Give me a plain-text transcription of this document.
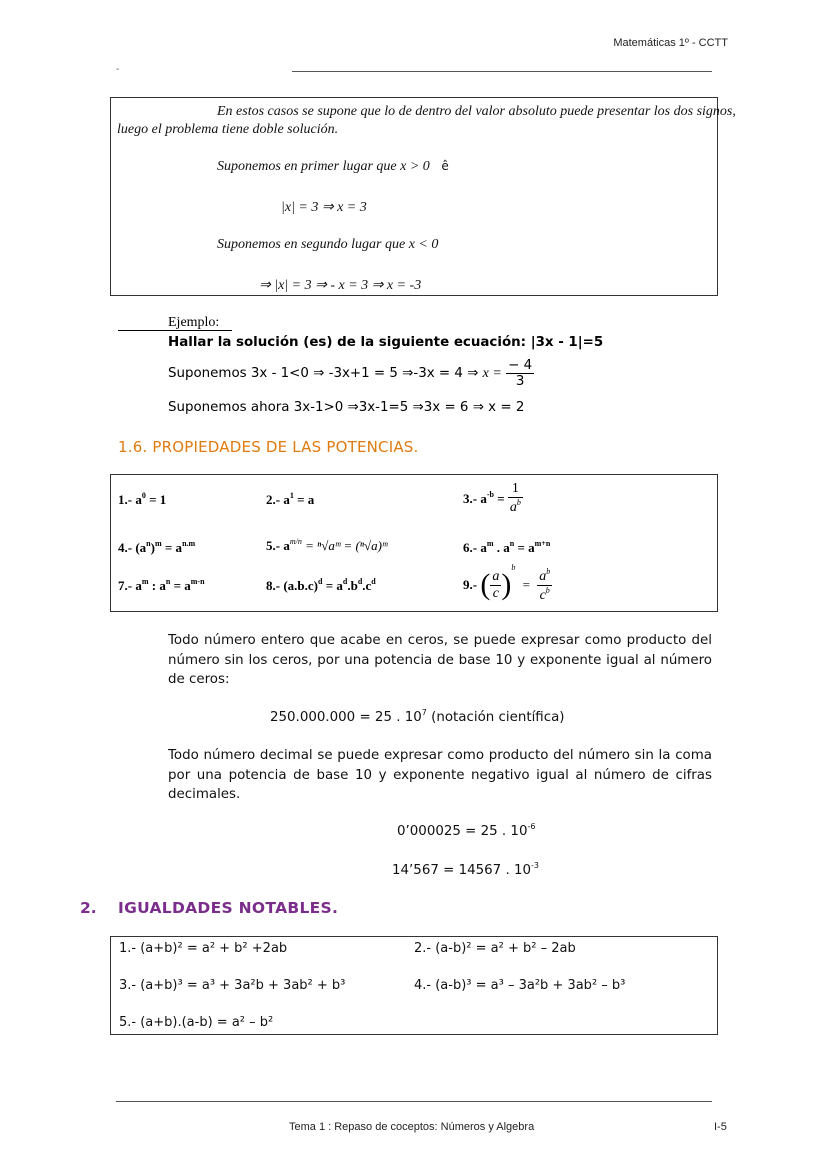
Matemáticas 1º - CCTT
-
En estos casos se supone que lo de dentro del valor absoluto puede presentar los dos signos,
luego el problema tiene doble solución.
Suponemos en primer lugar que x > 0 ê
|x| = 3 ⇒ x = 3
Suponemos en segundo lugar que x < 0
⇒ |x| = 3 ⇒ - x = 3 ⇒ x = -3
Ejemplo:
Hallar la solución (es) de la siguiente ecuación: |3x - 1|=5
Suponemos 3x - 1<0 ⇒ -3x+1 = 5 ⇒-3x = 4 ⇒ $x = \frac{- 4}{3}$
Suponemos ahora 3x-1>0 ⇒3x-1=5 ⇒3x = 6 ⇒ x = 2
1.6. PROPIEDADES DE LAS POTENCIAS.
1.- $a^0 = 1$	2.- $a^1 = a$	3.- $a^{-b} = \frac{1}{a^b}$
4.- $(a^n)^m = a^{n.m}$	5.- $a^{m/n}$ = ⁿ√aᵐ = (ⁿ√a)ᵐ	6.- $a^m$ . $a^n = a^{m+n}$
7.- $a^m$ : $a^n = a^{m-n}$	8.- $(a.b.c)^d = a^d.b^d.c^d$	9.- ( $\frac{a}{c} )^b = \frac{a^b}{c^b}$
Todo número entero que acabe en ceros, se puede expresar como producto del número sin los ceros, por una potencia de base 10 y exponente igual al número de ceros:
250.000.000 = 25 . $10^7$ (notación científica)
Todo número decimal se puede expresar como producto del número sin la coma por una potencia de base 10 y exponente negativo igual al número de cifras decimales.
0’000025 = 25 . $10^{-6}$
14’567 = 14567 . $10^{-3}$
2. IGUALDADES NOTABLES.
1.- (a+b)² = a² + b² +2ab	2.- (a-b)² = a² + b² – 2ab
3.- (a+b)³ = a³ + 3a²b + 3ab² + b³	4.- (a-b)³ = a³ – 3a²b + 3ab² – b³
5.- (a+b).(a-b) = a² – b²
Tema 1 : Repaso de coceptos: Números y Algebra	I-5
